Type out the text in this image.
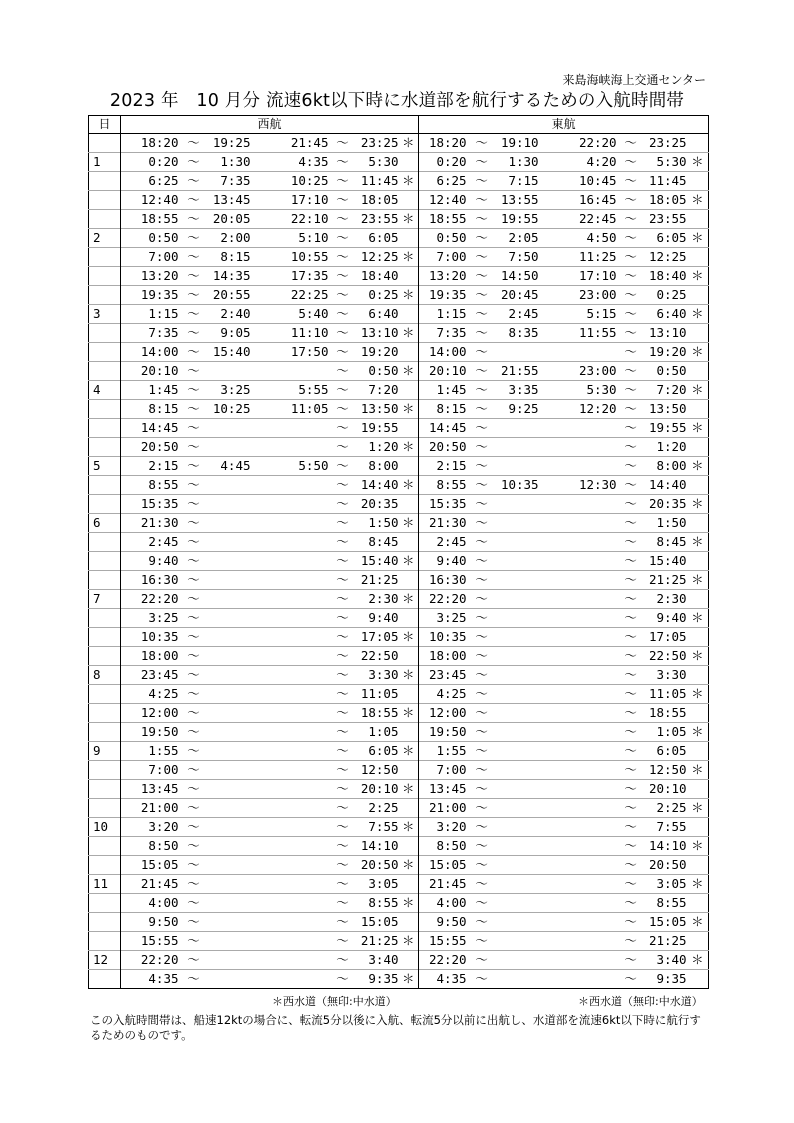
来島海峡海上交通センター
2023 年　10 月分 流速6kt以下時に水道部を航行するための入航時間帯
日	西航							東航						
	18:20	～	19:25	21:45	～	23:25	＊	18:20	～	19:10	22:20	～	23:25	
1	0:20	～	1:30	4:35	～	5:30		0:20	～	1:30	4:20	～	5:30	＊
	6:25	～	7:35	10:25	～	11:45	＊	6:25	～	7:15	10:45	～	11:45	
	12:40	～	13:45	17:10	～	18:05		12:40	～	13:55	16:45	～	18:05	＊
	18:55	～	20:05	22:10	～	23:55	＊	18:55	～	19:55	22:45	～	23:55	
2	0:50	～	2:00	5:10	～	6:05		0:50	～	2:05	4:50	～	6:05	＊
	7:00	～	8:15	10:55	～	12:25	＊	7:00	～	7:50	11:25	～	12:25	
	13:20	～	14:35	17:35	～	18:40		13:20	～	14:50	17:10	～	18:40	＊
	19:35	～	20:55	22:25	～	0:25	＊	19:35	～	20:45	23:00	～	0:25	
3	1:15	～	2:40	5:40	～	6:40		1:15	～	2:45	5:15	～	6:40	＊
	7:35	～	9:05	11:10	～	13:10	＊	7:35	～	8:35	11:55	～	13:10	
	14:00	～	15:40	17:50	～	19:20		14:00	～			～	19:20	＊
	20:10	～			～	0:50	＊	20:10	～	21:55	23:00	～	0:50	
4	1:45	～	3:25	5:55	～	7:20		1:45	～	3:35	5:30	～	7:20	＊
	8:15	～	10:25	11:05	～	13:50	＊	8:15	～	9:25	12:20	～	13:50	
	14:45	～			～	19:55		14:45	～			～	19:55	＊
	20:50	～			～	1:20	＊	20:50	～			～	1:20	
5	2:15	～	4:45	5:50	～	8:00		2:15	～			～	8:00	＊
	8:55	～			～	14:40	＊	8:55	～	10:35	12:30	～	14:40	
	15:35	～			～	20:35		15:35	～			～	20:35	＊
6	21:30	～			～	1:50	＊	21:30	～			～	1:50	
	2:45	～			～	8:45		2:45	～			～	8:45	＊
	9:40	～			～	15:40	＊	9:40	～			～	15:40	
	16:30	～			～	21:25		16:30	～			～	21:25	＊
7	22:20	～			～	2:30	＊	22:20	～			～	2:30	
	3:25	～			～	9:40		3:25	～			～	9:40	＊
	10:35	～			～	17:05	＊	10:35	～			～	17:05	
	18:00	～			～	22:50		18:00	～			～	22:50	＊
8	23:45	～			～	3:30	＊	23:45	～			～	3:30	
	4:25	～			～	11:05		4:25	～			～	11:05	＊
	12:00	～			～	18:55	＊	12:00	～			～	18:55	
	19:50	～			～	1:05		19:50	～			～	1:05	＊
9	1:55	～			～	6:05	＊	1:55	～			～	6:05	
	7:00	～			～	12:50		7:00	～			～	12:50	＊
	13:45	～			～	20:10	＊	13:45	～			～	20:10	
	21:00	～			～	2:25		21:00	～			～	2:25	＊
10	3:20	～			～	7:55	＊	3:20	～			～	7:55	
	8:50	～			～	14:10		8:50	～			～	14:10	＊
	15:05	～			～	20:50	＊	15:05	～			～	20:50	
11	21:45	～			～	3:05		21:45	～			～	3:05	＊
	4:00	～			～	8:55	＊	4:00	～			～	8:55	
	9:50	～			～	15:05		9:50	～			～	15:05	＊
	15:55	～			～	21:25	＊	15:55	～			～	21:25	
12	22:20	～			～	3:40		22:20	～			～	3:40	＊
	4:35	～			～	9:35	＊	4:35	～			～	9:35	
＊西水道（無印:中水道）	＊西水道（無印:中水道）
この入航時間帯は、船速12ktの場合に、転流5分以後に入航、転流5分以前に出航し、水道部を流速6kt以下時に航行するためのものです。
